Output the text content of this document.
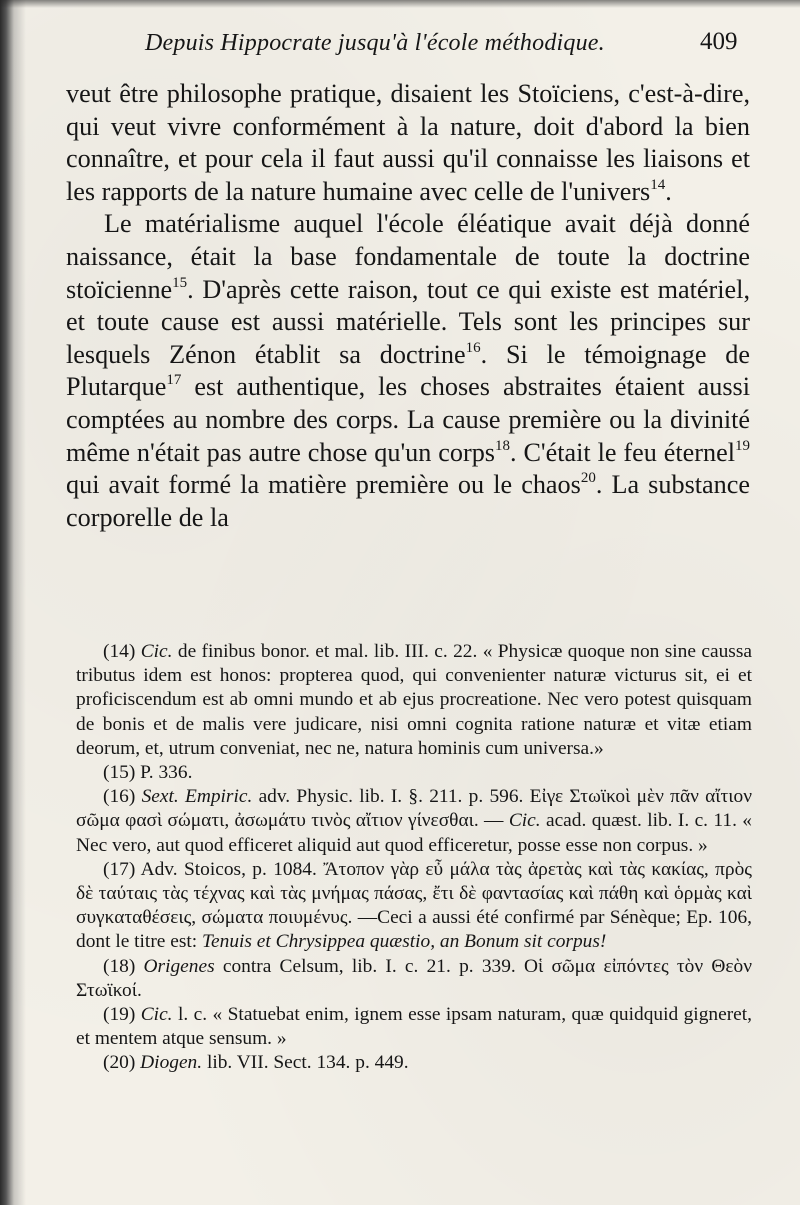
Depuis Hippocrate jusqu'à l'école méthodique.	409

veut être philosophe pratique, disaient les Stoïciens, c'est-à-dire, qui veut vivre conformément à la nature, doit d'abord la bien connaître, et pour cela il faut aussi qu'il connaisse les liaisons et les rapports de la nature humaine avec celle de l'univers$^{14}$.

Le matérialisme auquel l'école éléatique avait déjà donné naissance, était la base fondamentale de toute la doctrine stoïcienne$^{15}$. D'après cette raison, tout ce qui existe est matériel, et toute cause est aussi matérielle. Tels sont les principes sur lesquels Zénon établit sa doctrine$^{16}$. Si le témoignage de Plutarque$^{17}$ est authentique, les choses abstraites étaient aussi comptées au nombre des corps. La cause première ou la divinité même n'était pas autre chose qu'un corps$^{18}$. C'était le feu éternel$^{19}$ qui avait formé la matière première ou le chaos$^{20}$. La substance corporelle de la

(14) Cic. de finibus bonor. et mal. lib. III. c. 22. « Physicæ quoque non sine caussa tributus idem est honos: propterea quod, qui convenienter naturæ victurus sit, ei et proficiscendum est ab omni mundo et ab ejus procreatione. Nec vero potest quisquam de bonis et de malis vere judicare, nisi omni cognita ratione naturæ et vitæ etiam deorum, et, utrum conveniat, nec ne, natura hominis cum universa.»

(15) P. 336.

(16) Sext. Empiric. adv. Physic. lib. I. §. 211. p. 596. Εἰγε Στωϊκοὶ μὲν πᾶν αἴτιον σῶμα φασὶ σώματι, ἀσωμάτυ τινὸς αἴτιον γίνεσθαι. — Cic. acad. quæst. lib. I. c. 11. « Nec vero, aut quod efficeret aliquid aut quod efficeretur, posse esse non corpus. »

(17) Adv. Stoicos, p. 1084. Ἄτοπον γὰρ εὖ μάλα τὰς ἀρετὰς καὶ τὰς κακίας, πρὸς δὲ ταύταις τὰς τέχνας καὶ τὰς μνήμας πάσας, ἔτι δὲ φαντασίας καὶ πάθη καὶ ὁρμὰς καὶ συγκαταθέσεις, σώματα ποιυμένυς. —Ceci a aussi été confirmé par Sénèque; Ep. 106, dont le titre est: Tenuis et Chrysippea quæstio, an Bonum sit corpus!

(18) Origenes contra Celsum, lib. I. c. 21. p. 339. Οἱ σῶμα εἰπόντες τὸν Θεὸν Στωϊκοί.

(19) Cic. l. c. « Statuebat enim, ignem esse ipsam naturam, quæ quidquid gigneret, et mentem atque sensum. »

(20) Diogen. lib. VII. Sect. 134. p. 449.
